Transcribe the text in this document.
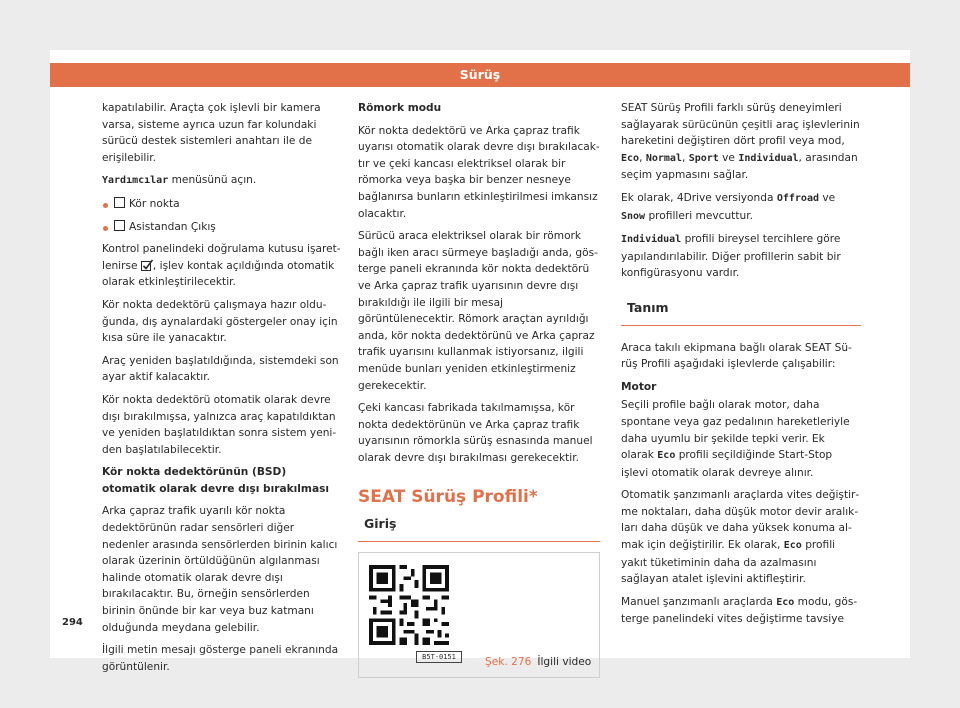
Sürüş

kapatılabilir. Araçta çok işlevli bir kamera varsa, sisteme ayrıca uzun far kolundaki sürücü destek sistemleri anahtarı ile de erişilebilir.

Yardımcılar menüsünü açın.

Kör nokta
Asistandan Çıkış

Kontrol panelindeki doğrulama kutusu işaretlenirse , işlev kontak açıldığında otomatik olarak etkinleştirilecektir.

Kör nokta dedektörü çalışmaya hazır olduğunda, dış aynalardaki göstergeler onay için kısa süre ile yanacaktır.

Araç yeniden başlatıldığında, sistemdeki son ayar aktif kalacaktır.

Kör nokta dedektörü otomatik olarak devre dışı bırakılmışsa, yalnızca araç kapatıldıktan ve yeniden başlatıldıktan sonra sistem yeniden başlatılabilecektir.

Kör nokta dedektörünün (BSD) otomatik olarak devre dışı bırakılması

Arka çapraz trafik uyarılı kör nokta dedektörünün radar sensörleri diğer nedenler arasında sensörlerden birinin kalıcı olarak üzerinin örtüldüğünün algılanması halinde otomatik olarak devre dışı bırakılacaktır. Bu, örneğin sensörlerden birinin önünde bir kar veya buz katmanı olduğunda meydana gelebilir.

İlgili metin mesajı gösterge paneli ekranında görüntülenir.

Römork modu

Kör nokta dedektörü ve Arka çapraz trafik uyarısı otomatik olarak devre dışı bırakılacaktır ve çeki kancası elektriksel olarak bir römorka veya başka bir benzer nesneye bağlanırsa bunların etkinleştirilmesi imkansız olacaktır.

Sürücü araca elektriksel olarak bir römork bağlı iken aracı sürmeye başladığı anda, gösterge paneli ekranında kör nokta dedektörü ve Arka çapraz trafik uyarısının devre dışı bırakıldığı ile ilgili bir mesaj görüntülenecektir. Römork araçtan ayrıldığı anda, kör nokta dedektörünü ve Arka çapraz trafik uyarısını kullanmak istiyorsanız, ilgili menüde bunları yeniden etkinleştirmeniz gerekecektir.

Çeki kancası fabrikada takılmamışsa, kör nokta dedektörünün ve Arka çapraz trafik uyarısının römorkla sürüş esnasında manuel olarak devre dışı bırakılması gerekecektir.

SEAT Sürüş Profili*
Giriş
B5T-0151	Şek. 276 İlgili video

SEAT Sürüş Profili farklı sürüş deneyimleri sağlayarak sürücünün çeşitli araç işlevlerinin hareketini değiştiren dört profil veya mod,
Eco, Normal, Sport ve Individual, arasından seçim yapmasını sağlar.

Ek olarak, 4Drive versiyonda Offroad ve
Snow profilleri mevcuttur.

Individual profili bireysel tercihlere göre yapılandırılabilir. Diğer profillerin sabit bir konfigürasyonu vardır.

Tanım

Araca takılı ekipmana bağlı olarak SEAT Sürüş Profili aşağıdaki işlevlerde çalışabilir:

Motor

Seçili profile bağlı olarak motor, daha spontane veya gaz pedalının hareketleriyle daha uyumlu bir şekilde tepki verir. Ek olarak Eco profili seçildiğinde Start-Stop işlevi otomatik olarak devreye alınır.

Otomatik şanzımanlı araçlarda vites değiştirme noktaları, daha düşük motor devir aralıkları daha düşük ve daha yüksek konuma almak için değiştirilir. Ek olarak, Eco profili yakıt tüketiminin daha da azalmasını sağlayan atalet işlevini aktifleştirir.

Manuel şanzımanlı araçlarda Eco modu, gösterge panelindeki vites değiştirme tavsiye

294
